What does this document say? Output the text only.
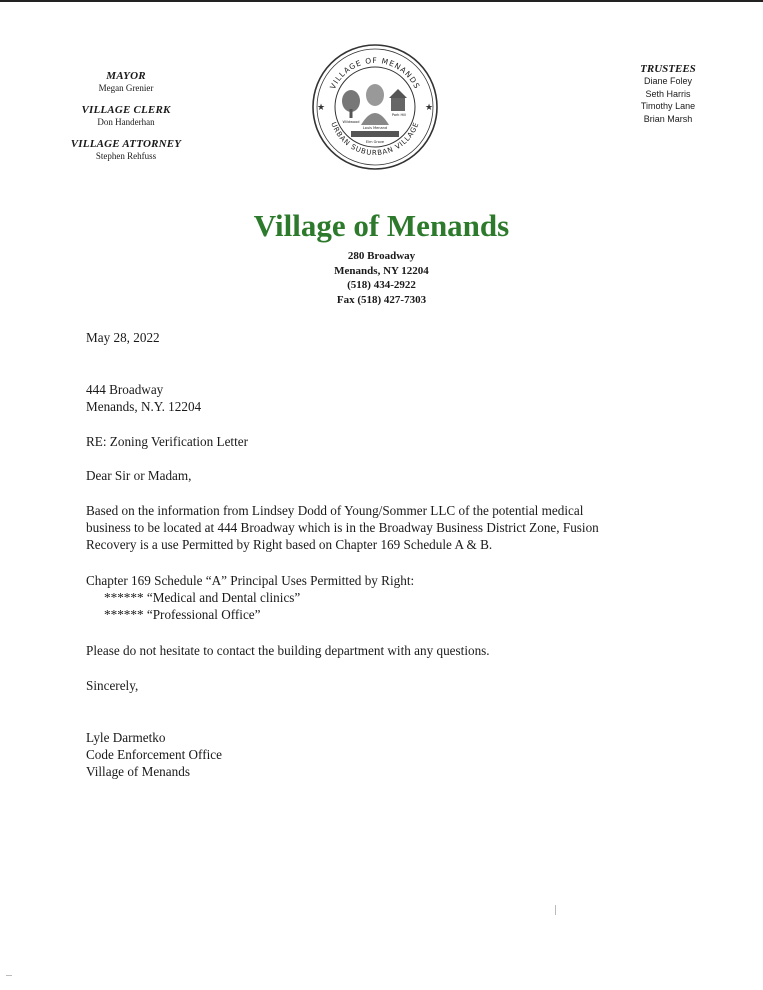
MAYOR
Megan Grenier
VILLAGE CLERK
Don Handerhan
VILLAGE ATTORNEY
Stephen Rehfuss
VILLAGE OF MENANDS
URBAN SUBURBAN VILLAGE
★	★
Wildwood
Park Hill
Louis Menand
Elm Grove
TRUSTEES
Diane Foley
Seth Harris
Timothy Lane
Brian Marsh
Village of Menands
280 Broadway
Menands, NY 12204
(518) 434-2922
Fax (518) 427-7303
May 28, 2022
444 Broadway
Menands, N.Y. 12204
RE: Zoning Verification Letter
Dear Sir or Madam,
Based on the information from Lindsey Dodd of Young/Sommer LLC of the potential medical
business to be located at 444 Broadway which is in the Broadway Business District Zone, Fusion
Recovery is a use Permitted by Right based on Chapter 169 Schedule A & B.
Chapter 169 Schedule “A” Principal Uses Permitted by Right:
****** “Medical and Dental clinics”
****** “Professional Office”
Please do not hesitate to contact the building department with any questions.
Sincerely,
Lyle Darmetko
Code Enforcement Office
Village of Menands
